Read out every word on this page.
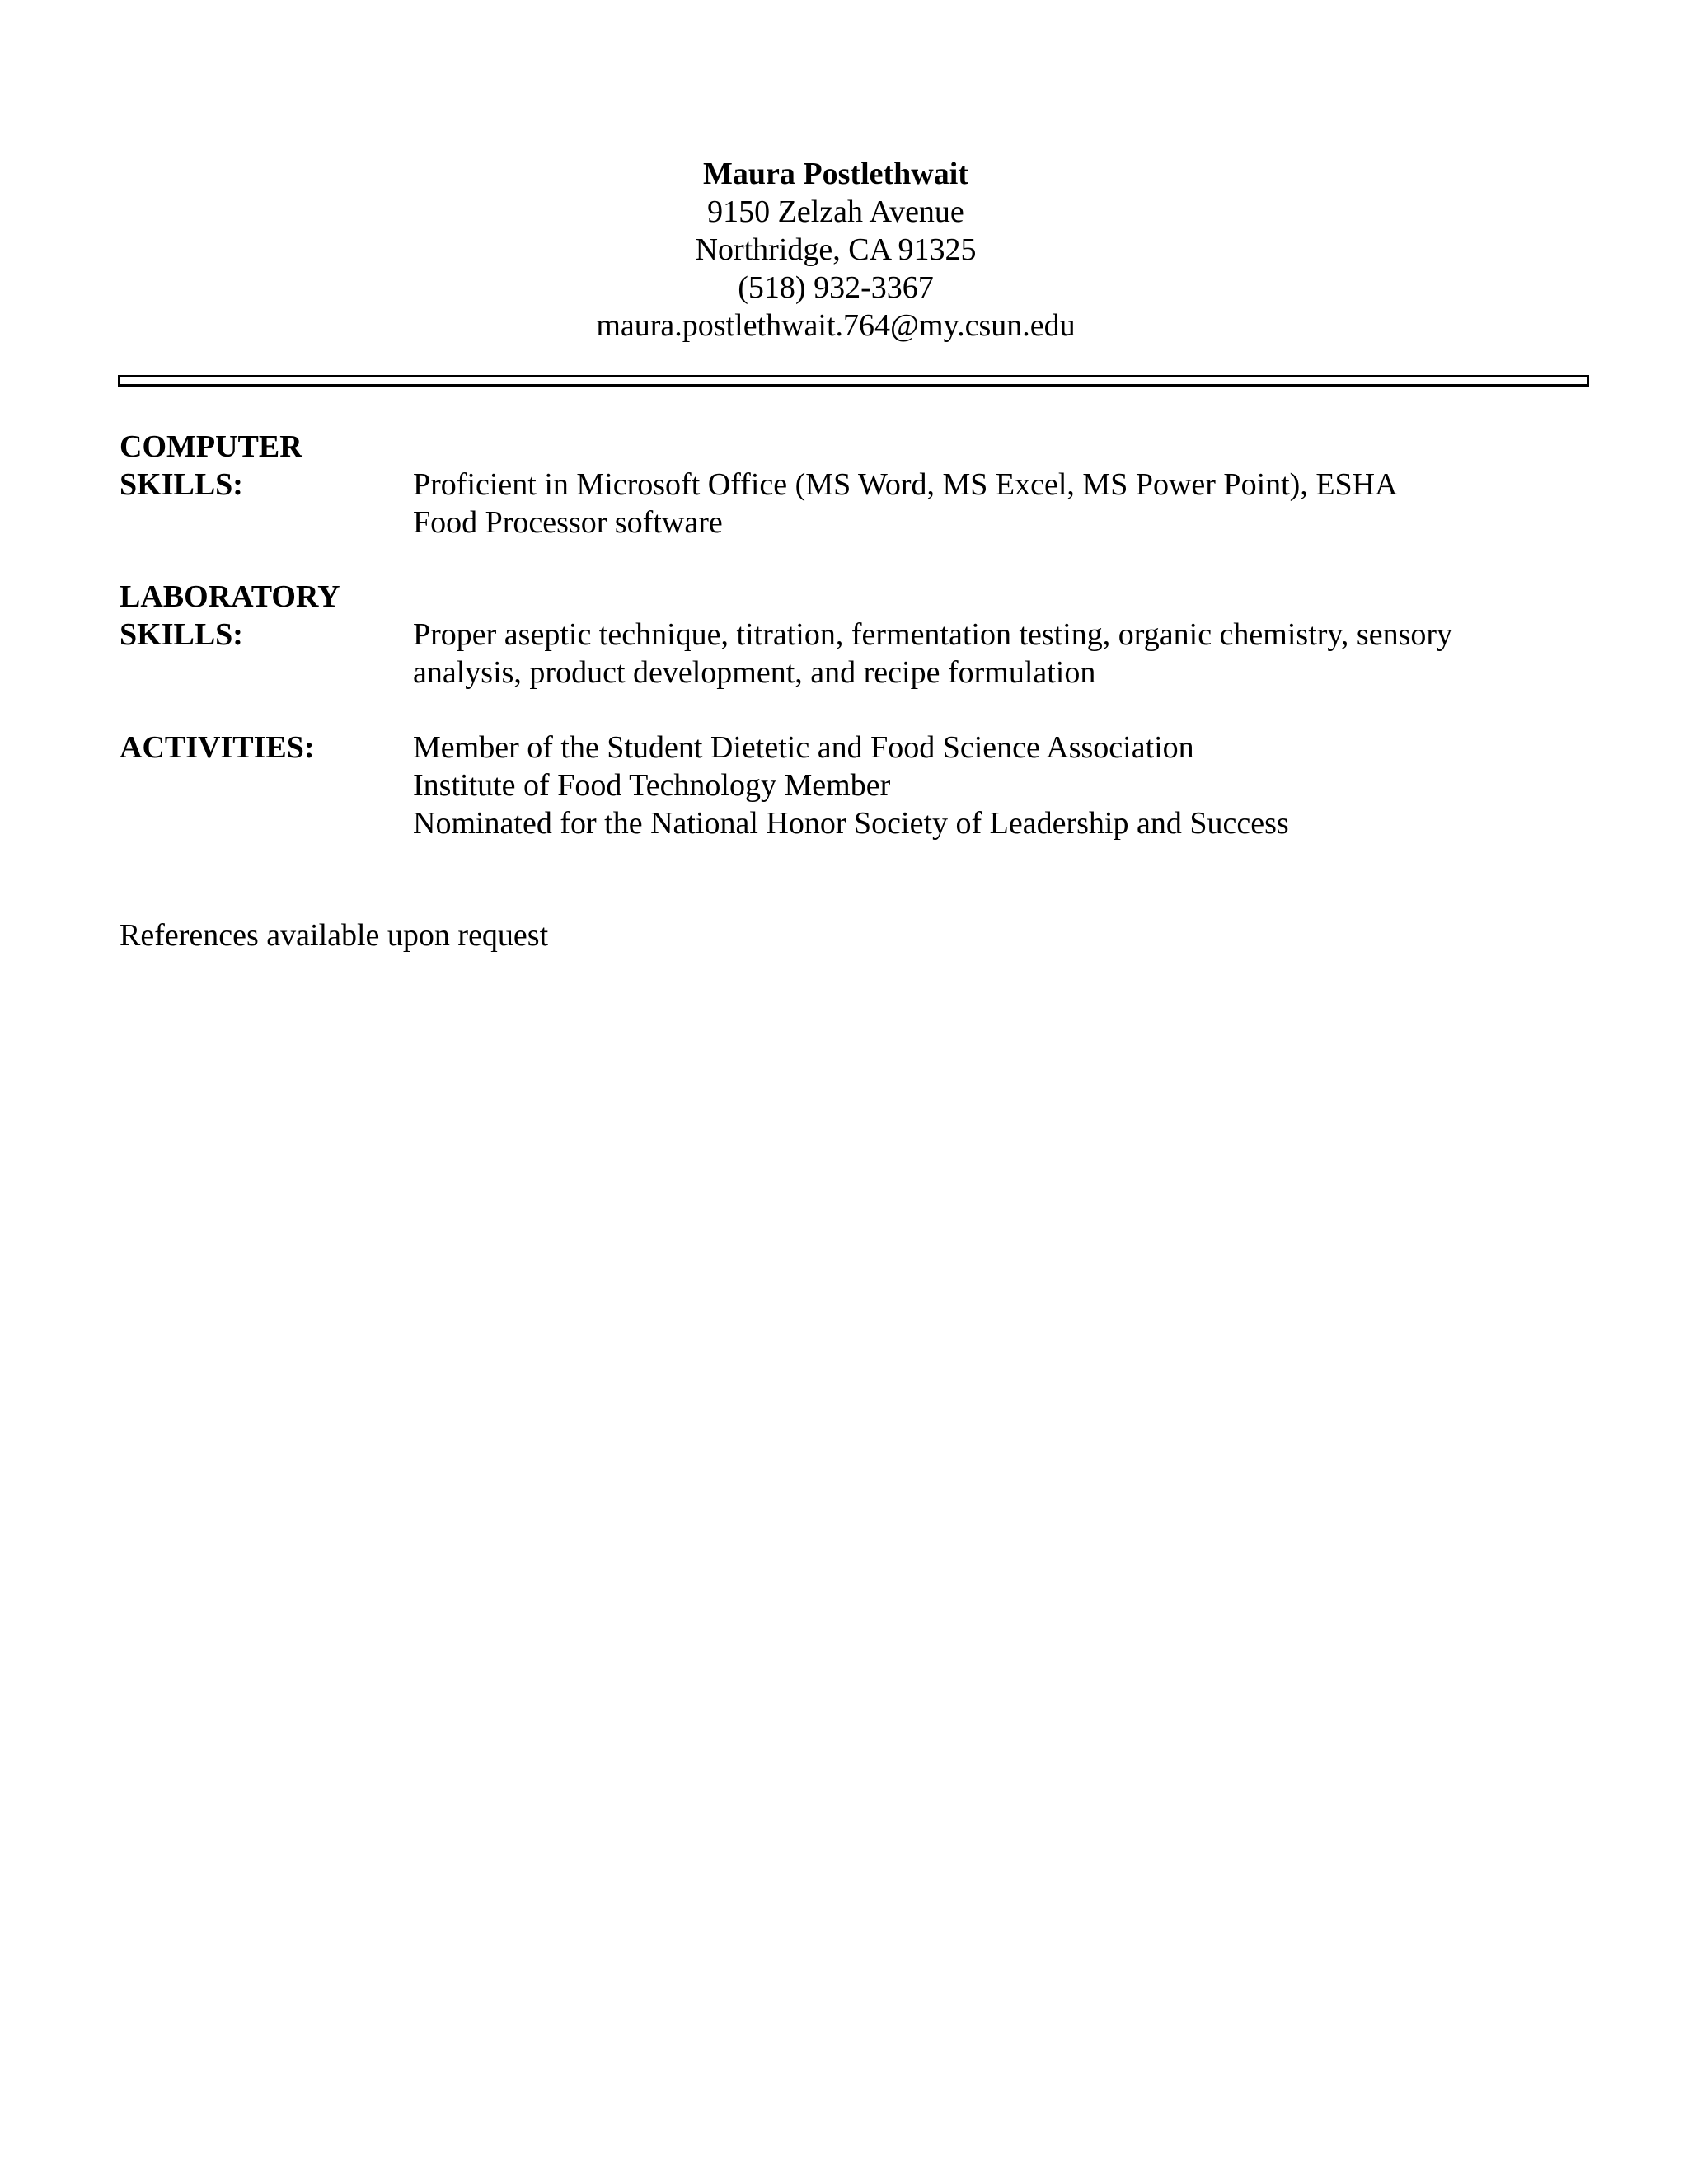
Maura Postlethwait
9150 Zelzah Avenue
Northridge, CA 91325
(518) 932-3367
maura.postlethwait.764@my.csun.edu
COMPUTER
SKILLS:	Proficient in Microsoft Office (MS Word, MS Excel, MS Power Point), ESHA
Food Processor software
LABORATORY
SKILLS:	Proper aseptic technique, titration, fermentation testing, organic chemistry, sensory
analysis, product development, and recipe formulation
ACTIVITIES:	Member of the Student Dietetic and Food Science Association
Institute of Food Technology Member
Nominated for the National Honor Society of Leadership and Success
References available upon request
